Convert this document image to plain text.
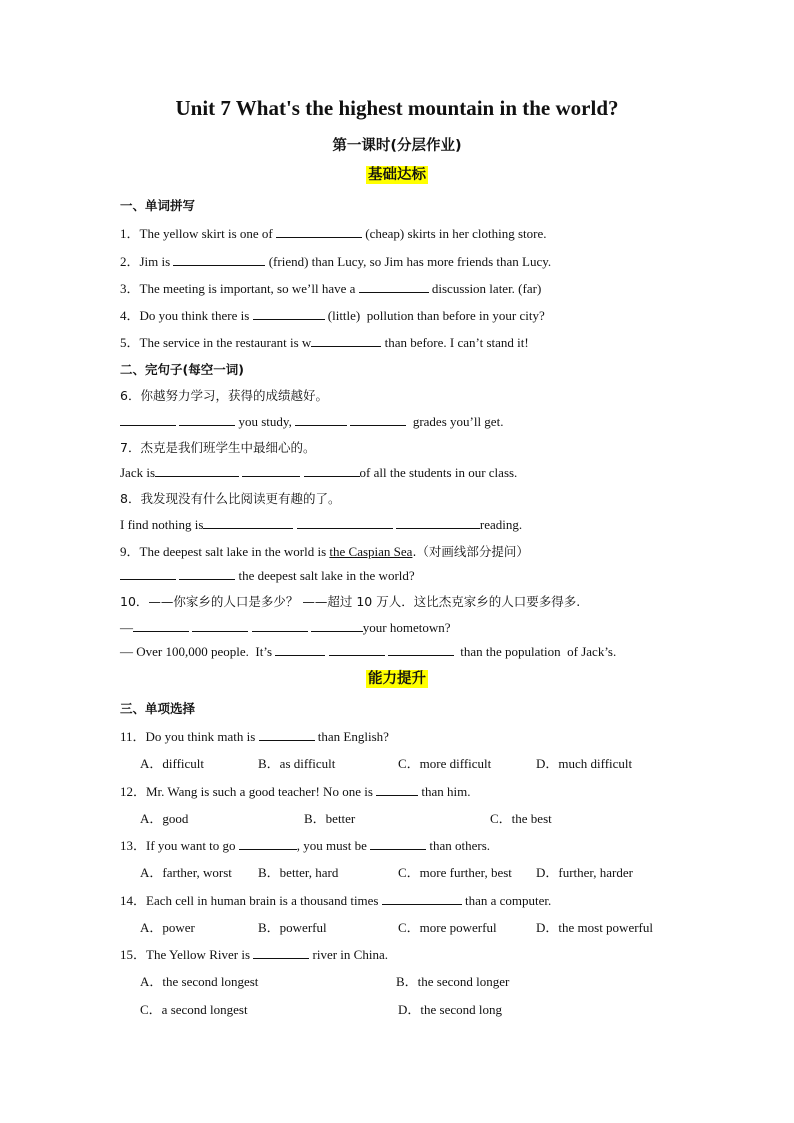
Unit 7 What's the highest mountain in the world?
第一课时(分层作业)
基础达标
一、单词拼写
1．The yellow skirt is one of	(cheap) skirts in her clothing store.
2．Jim is	(friend) than Lucy, so Jim has more friends than Lucy.
3．The meeting is important, so we’ll have a	discussion later. (far)
4．Do you think there is	(little)  pollution than before in your city?
5．The service in the restaurant is w	than before. I can’t stand it!
二、完句子(每空一词)
6．你越努力学习，获得的成绩越好。
you study,	grades you’ll get.
7．杰克是我们班学生中最细心的。
Jack is	of all the students in our class.
8．我发现没有什么比阅读更有趣的了。
I find nothing is	reading.
9．The deepest salt lake in the world is the Caspian Sea.（对画线部分提问）
the deepest salt lake in the world?
10．——你家乡的人口是多少？ ——超过 10 万人．这比杰克家乡的人口要多得多.
—	your hometown?
— Over 100,000 people.  It’s	than the population  of Jack’s.
能力提升
三、单项选择
11．Do you think math is	than English?
A．difficult	B．as difficult	C．more difficult	D．much difficult
12．Mr. Wang is such a good teacher! No one is	than him.
A．good	B．better	C．the best
13．If you want to go	, you must be	than others.
A．farther, worst B．better, hard	C．more further, best D．further, harder
14．Each cell in human brain is a thousand times	than a computer.
A．power	B．powerful	C．more powerful	D．the most powerful
15．The Yellow River is	river in China.
A．the second longest	B．the second longer
C．a second longest	D．the second long
